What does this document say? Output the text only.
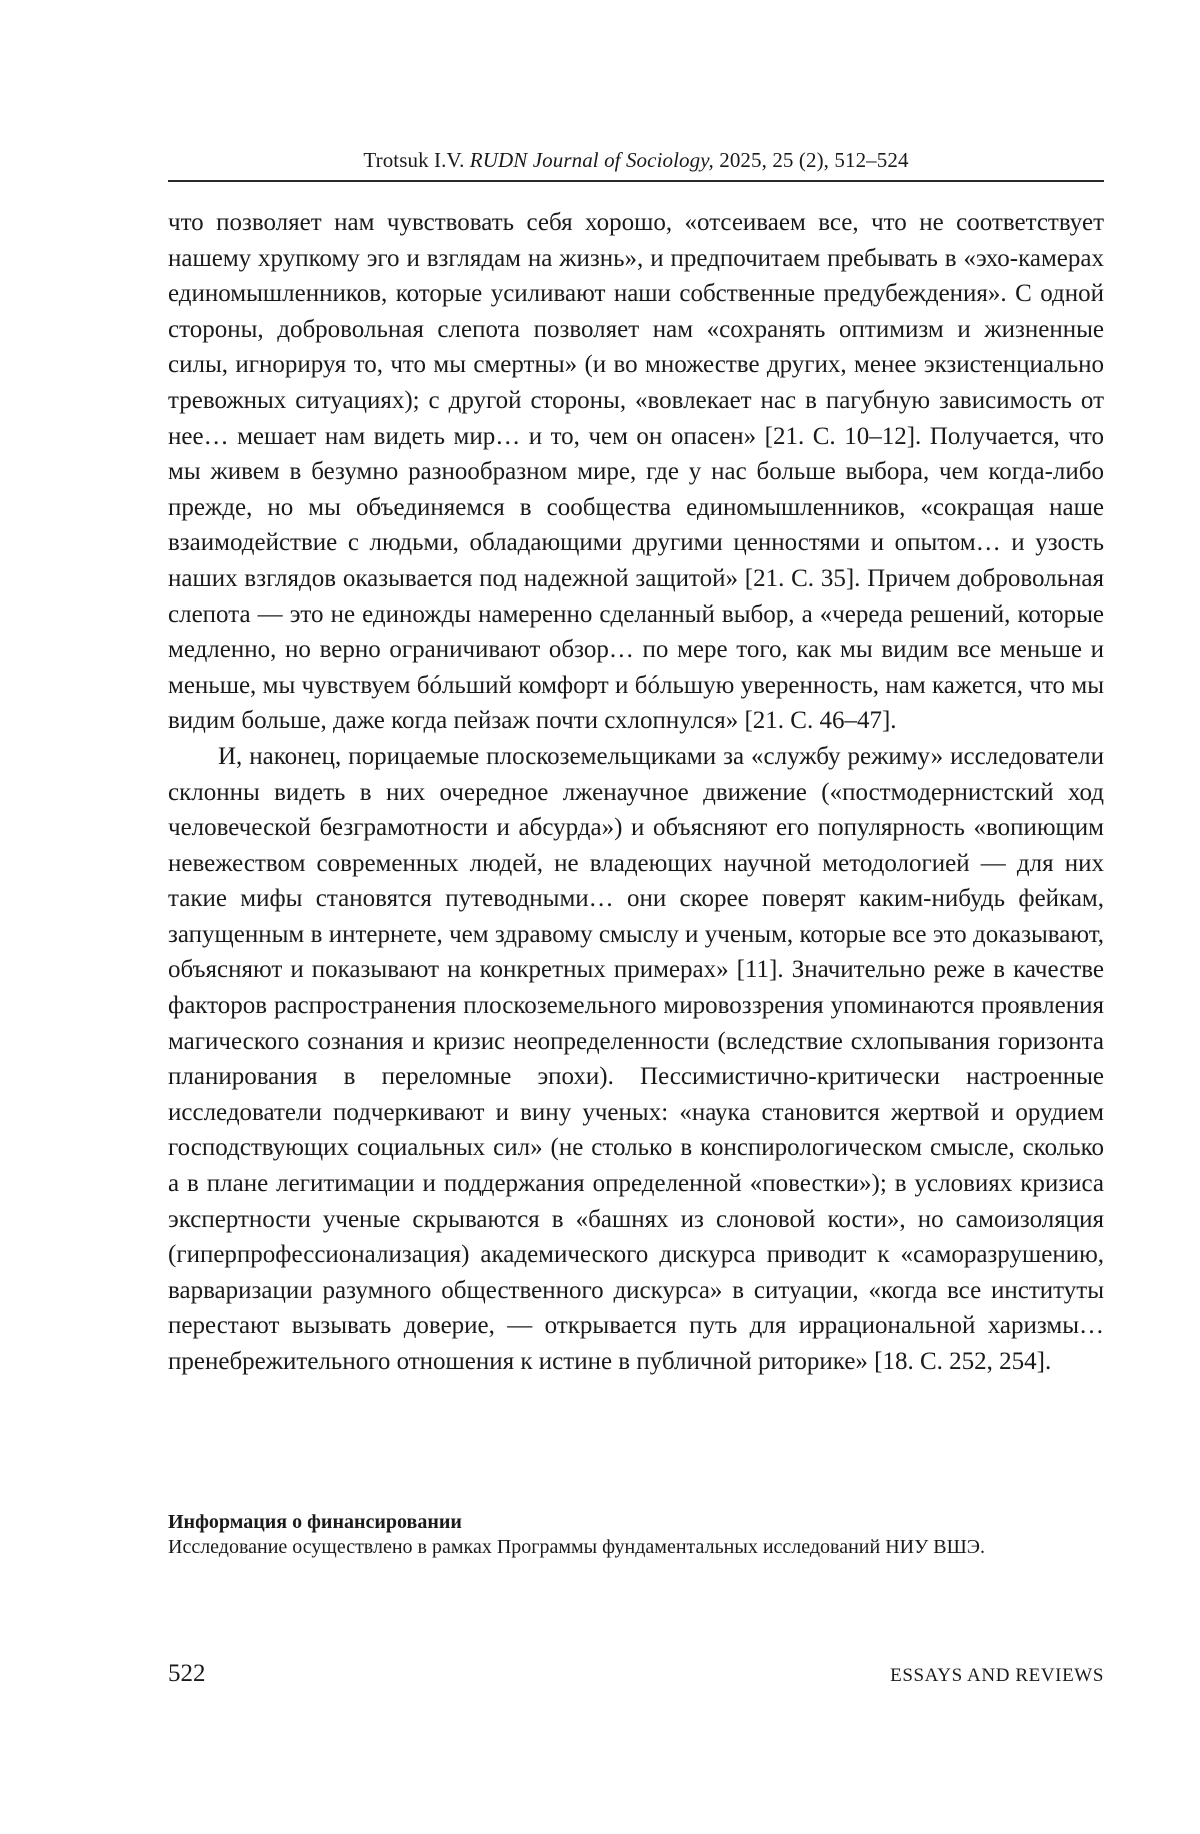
Trotsuk I.V. RUDN Journal of Sociology, 2025, 25 (2), 512–524

что позволяет нам чувствовать себя хорошо, «отсеиваем все, что не соответствует нашему хрупкому эго и взглядам на жизнь», и предпочитаем пребывать в «эхо-камерах единомышленников, которые усиливают наши собственные предубеждения». С одной стороны, добровольная слепота позволяет нам «сохранять оптимизм и жизненные силы, игнорируя то, что мы смертны» (и во множестве других, менее экзистенциально тревожных ситуациях); с другой стороны, «вовлекает нас в пагубную зависимость от нее… мешает нам видеть мир… и то, чем он опасен» [21. С. 10–12]. Получается, что мы живем в безумно разнообразном мире, где у нас больше выбора, чем когда-либо прежде, но мы объединяемся в сообщества единомышленников, «сокращая наше взаимодействие с людьми, обладающими другими ценностями и опытом… и узость наших взглядов оказывается под надежной защитой» [21. С. 35]. Причем добровольная слепота — это не единожды намеренно сделанный выбор, а «череда решений, которые медленно, но верно ограничивают обзор… по мере того, как мы видим все меньше и меньше, мы чувствуем бóльший комфорт и бóльшую уверенность, нам кажется, что мы видим больше, даже когда пейзаж почти схлопнулся» [21. С. 46–47].

И, наконец, порицаемые плоскоземельщиками за «службу режиму» исследователи склонны видеть в них очередное лженаучное движение («постмодернистский ход человеческой безграмотности и абсурда») и объясняют его популярность «вопиющим невежеством современных людей, не владеющих научной методологией — для них такие мифы становятся путеводными… они скорее поверят каким-нибудь фейкам, запущенным в интернете, чем здравому смыслу и ученым, которые все это доказывают, объясняют и показывают на конкретных примерах» [11]. Значительно реже в качестве факторов распространения плоскоземельного мировоззрения упоминаются проявления магического сознания и кризис неопределенности (вследствие схлопывания горизонта планирования в переломные эпохи). Пессимистично-критически настроенные исследователи подчеркивают и вину ученых: «наука становится жертвой и орудием господствующих социальных сил» (не столько в конспирологическом смысле, сколько а в плане легитимации и поддержания определенной «повестки»); в условиях кризиса экспертности ученые скрываются в «башнях из слоновой кости», но самоизоляция (гиперпрофессионализация) академического дискурса приводит к «саморазрушению, варваризации разумного общественного дискурса» в ситуации, «когда все институты перестают вызывать доверие, — открывается путь для иррациональной харизмы… пренебрежительного отношения к истине в публичной риторике» [18. С. 252, 254].

Информация о финансировании

Исследование осуществлено в рамках Программы фундаментальных исследований НИУ ВШЭ.

522	ESSAYS AND REVIEWS
